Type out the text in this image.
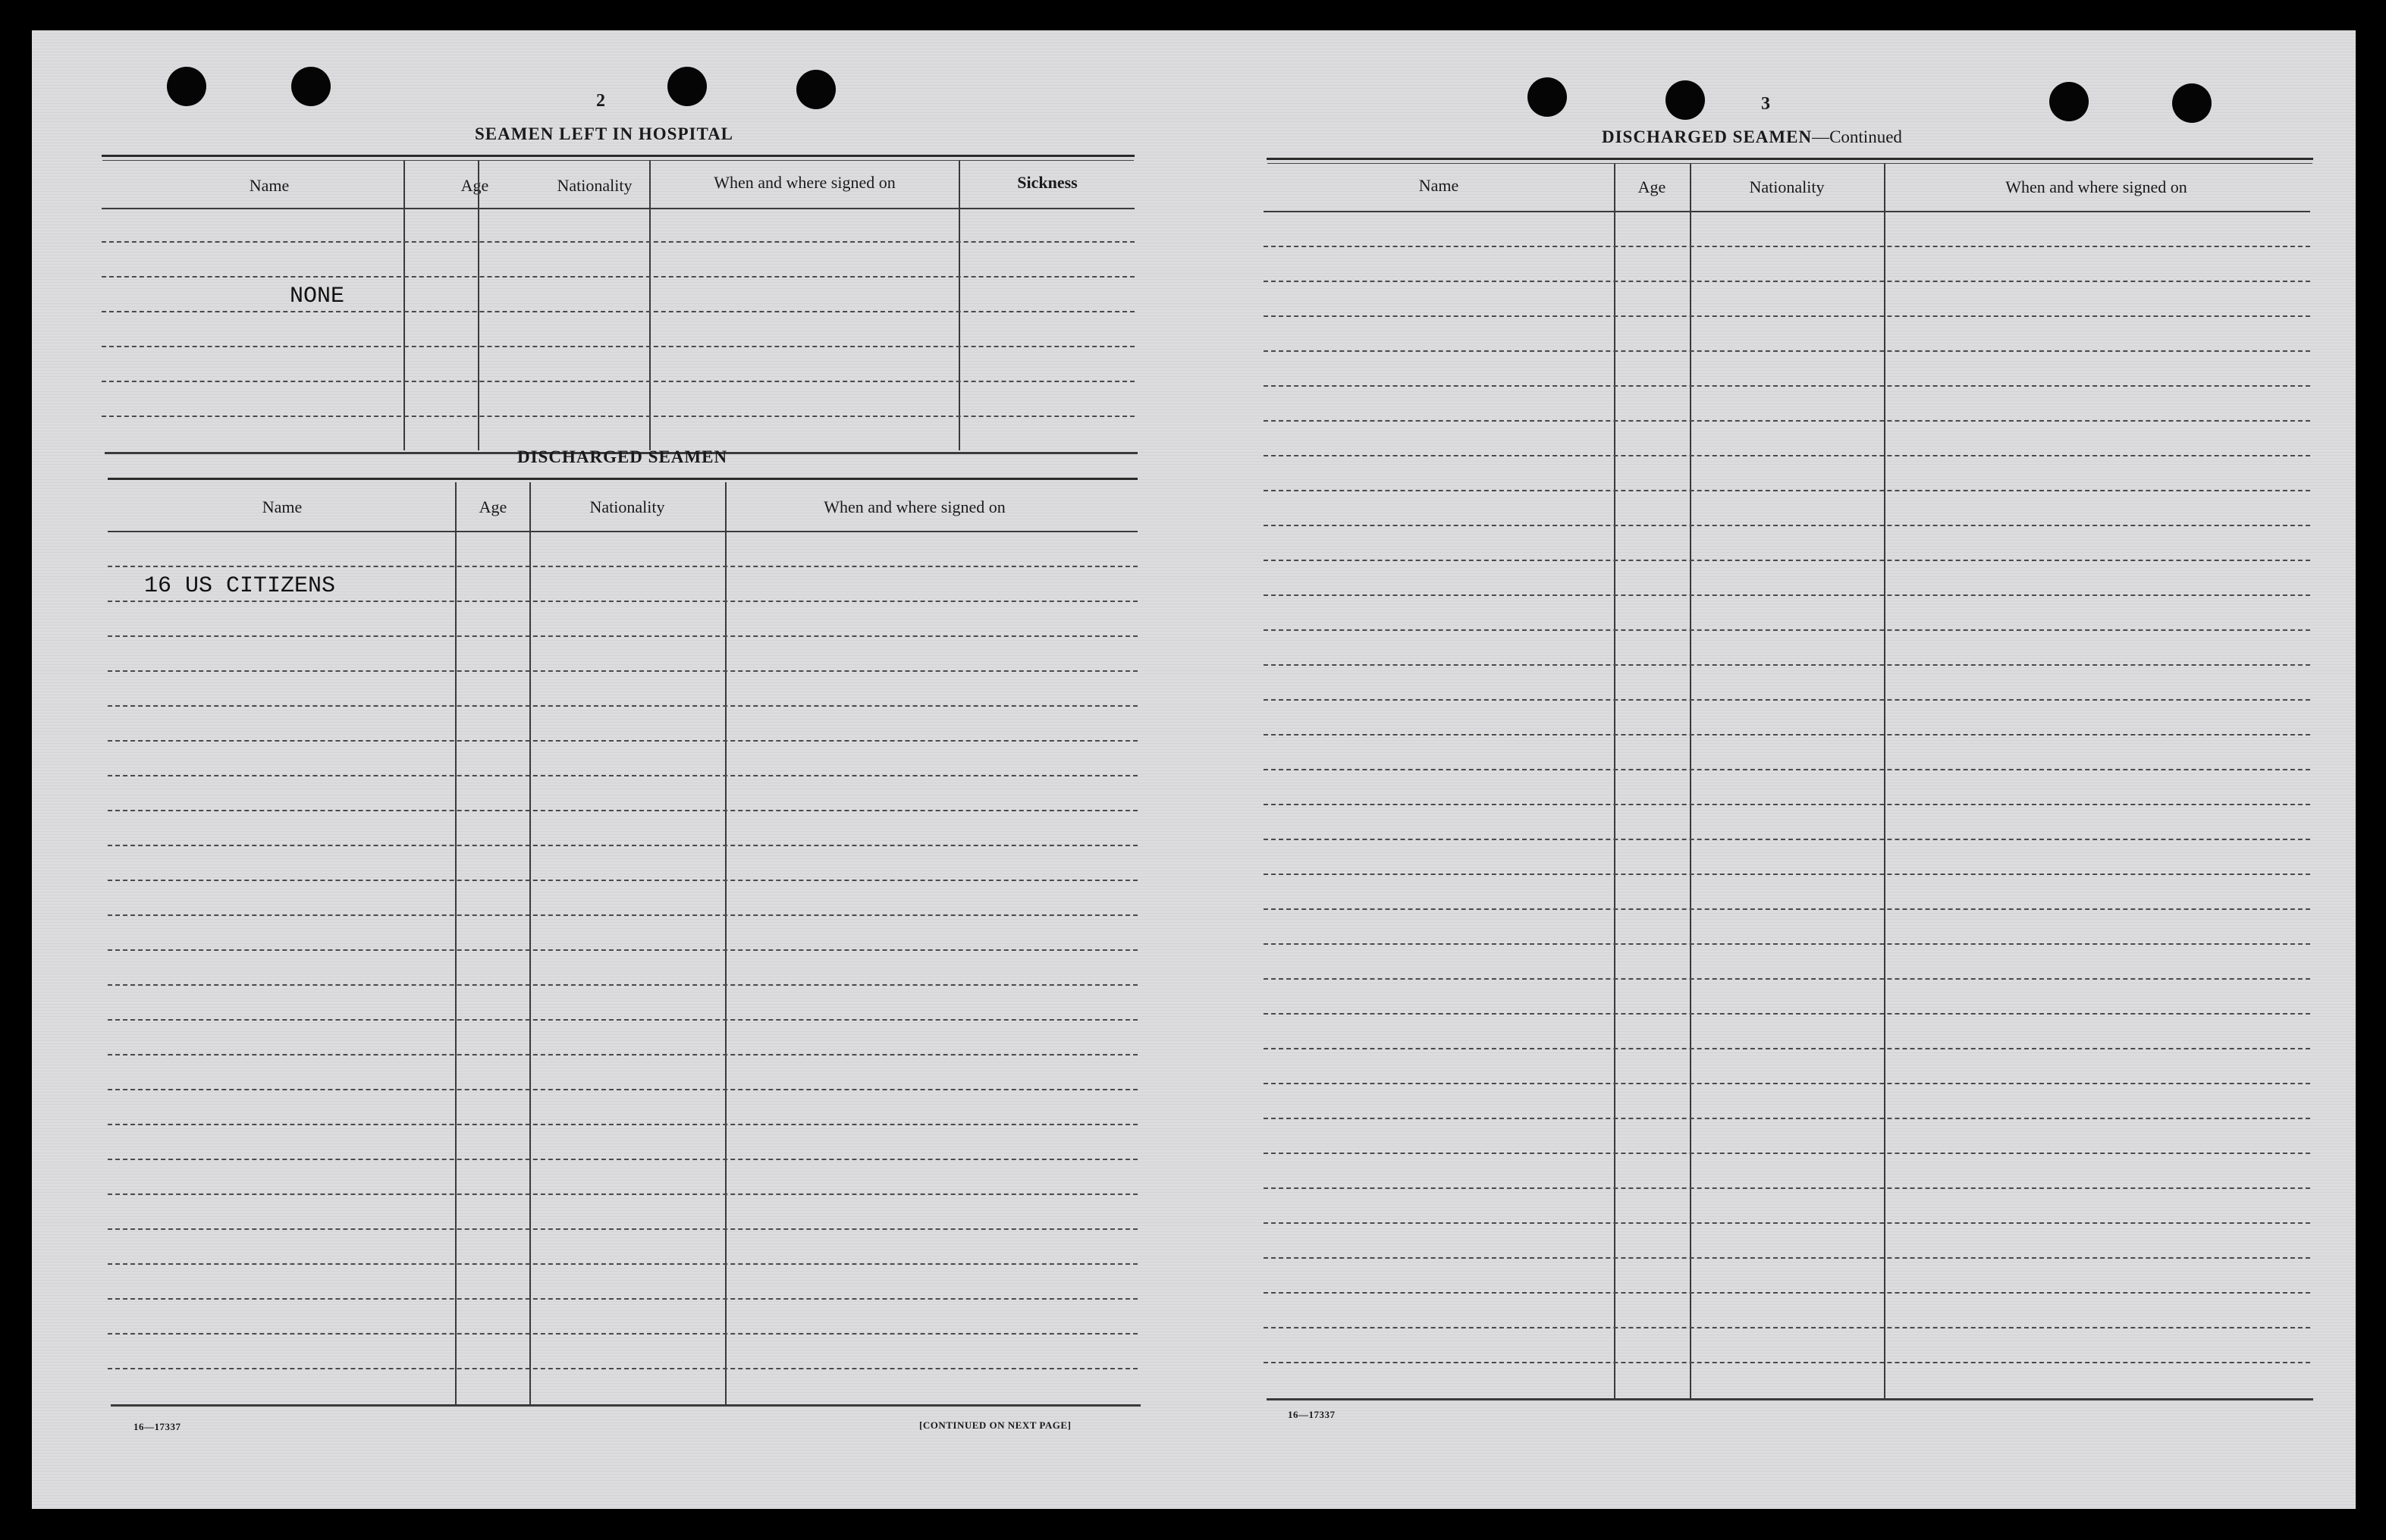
2
SEAMEN LEFT IN HOSPITAL
Name	Age	Nationality	When and where signed on	Sickness
NONE
DISCHARGED SEAMEN
Name	Age	Nationality	When and where signed on
16 US CITIZENS
16—17337	[CONTINUED ON NEXT PAGE]
3
DISCHARGED SEAMEN—Continued
Name	Age	Nationality	When and where signed on
16—17337
